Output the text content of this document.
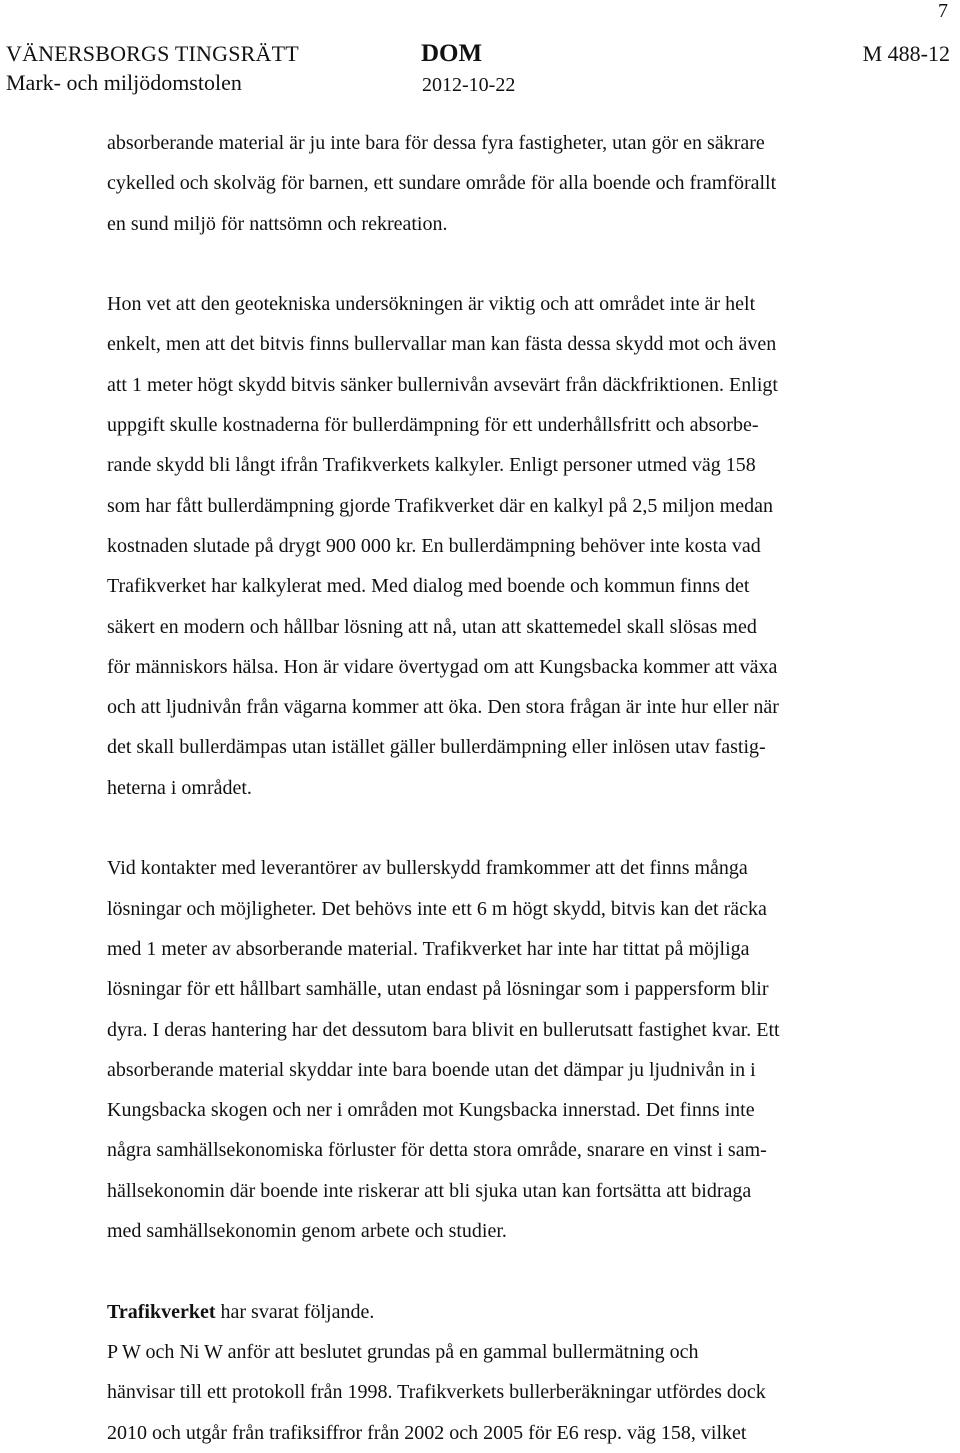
7
VÄNERSBORGS TINGSRÄTT
Mark- och miljödomstolen
DOM
2012-10-22
M 488-12

absorberande material är ju inte bara för dessa fyra fastigheter, utan gör en säkrare
cykelled och skolväg för barnen, ett sundare område för alla boende och framförallt
en sund miljö för nattsömn och rekreation.

Hon vet att den geotekniska undersökningen är viktig och att området inte är helt
enkelt, men att det bitvis finns bullervallar man kan fästa dessa skydd mot och även
att 1 meter högt skydd bitvis sänker bullernivån avsevärt från däckfriktionen. Enligt
uppgift skulle kostnaderna för bullerdämpning för ett underhållsfritt och absorbe-
rande skydd bli långt ifrån Trafikverkets kalkyler. Enligt personer utmed väg 158
som har fått bullerdämpning gjorde Trafikverket där en kalkyl på 2,5 miljon medan
kostnaden slutade på drygt 900 000 kr. En bullerdämpning behöver inte kosta vad
Trafikverket har kalkylerat med. Med dialog med boende och kommun finns det
säkert en modern och hållbar lösning att nå, utan att skattemedel skall slösas med
för människors hälsa. Hon är vidare övertygad om att Kungsbacka kommer att växa
och att ljudnivån från vägarna kommer att öka. Den stora frågan är inte hur eller när
det skall bullerdämpas utan istället gäller bullerdämpning eller inlösen utav fastig-
heterna i området.

Vid kontakter med leverantörer av bullerskydd framkommer att det finns många
lösningar och möjligheter. Det behövs inte ett 6 m högt skydd, bitvis kan det räcka
med 1 meter av absorberande material. Trafikverket har inte har tittat på möjliga
lösningar för ett hållbart samhälle, utan endast på lösningar som i pappersform blir
dyra. I deras hantering har det dessutom bara blivit en bullerutsatt fastighet kvar. Ett
absorberande material skyddar inte bara boende utan det dämpar ju ljudnivån in i
Kungsbacka skogen och ner i områden mot Kungsbacka innerstad. Det finns inte
några samhällsekonomiska förluster för detta stora område, snarare en vinst i sam-
hällsekonomin där boende inte riskerar att bli sjuka utan kan fortsätta att bidraga
med samhällsekonomin genom arbete och studier.

Trafikverket har svarat följande.

P W och Ni W anför att beslutet grundas på en gammal bullermätning och
hänvisar till ett protokoll från 1998. Trafikverkets bullerberäkningar utfördes dock
2010 och utgår från trafiksiffror från 2002 och 2005 för E6 resp. väg 158, vilket
